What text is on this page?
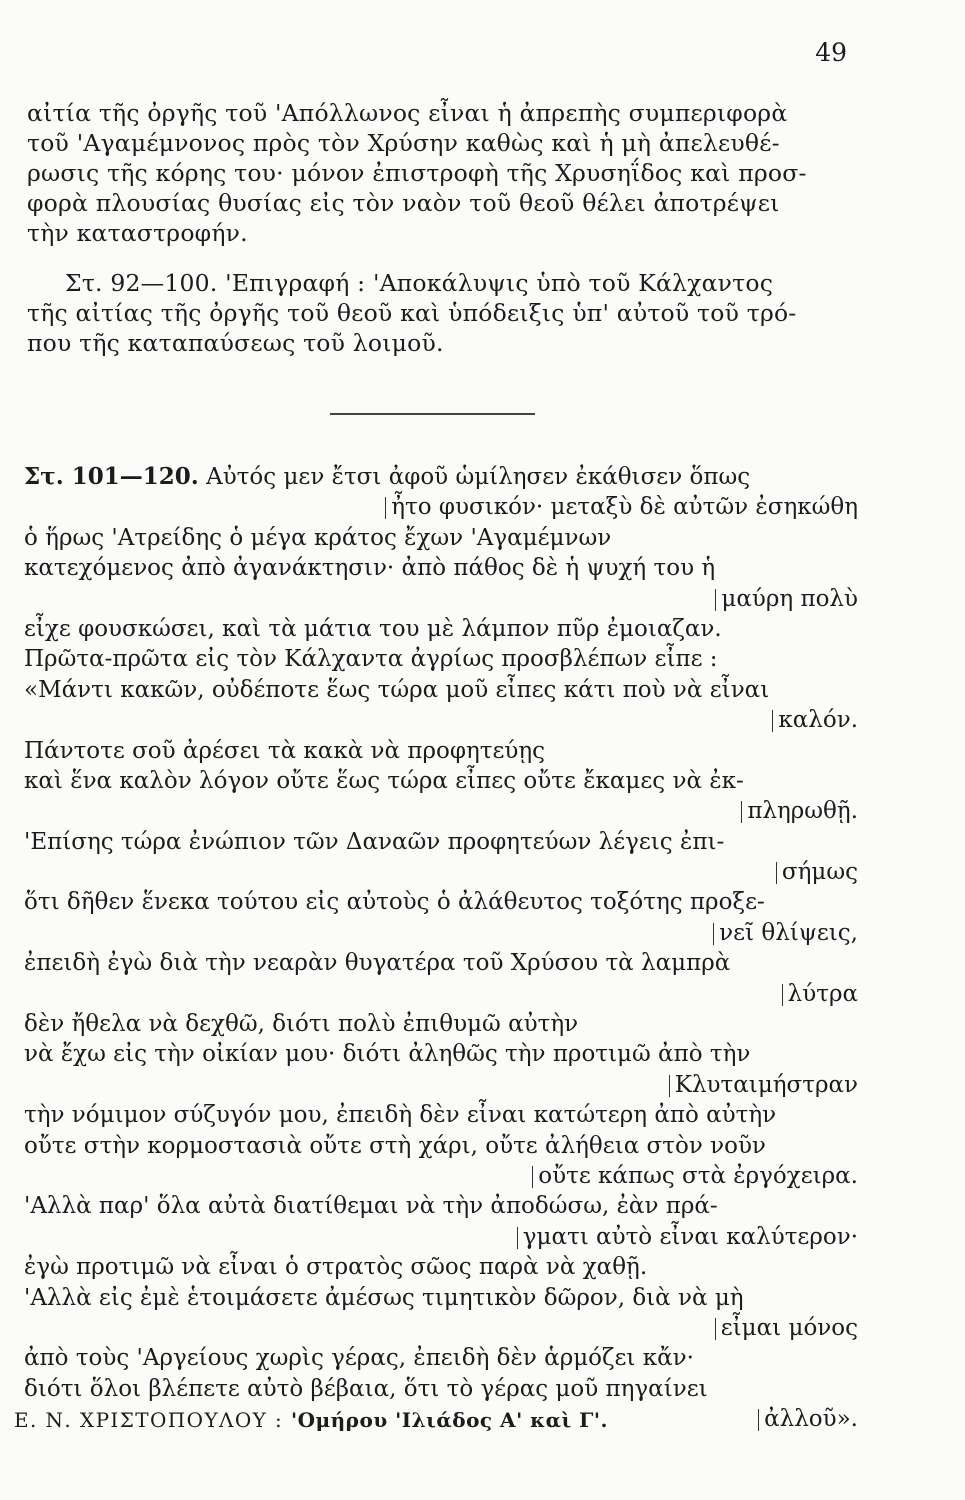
49
αἰτία τῆς ὀργῆς τοῦ 'Απόλλωνος εἶναι ἡ ἀπρεπὴς συμπεριφορὰ
τοῦ 'Αγαμέμνονος πρὸς τὸν Χρύσην καθὼς καὶ ἡ μὴ ἀπελευθέ-
ρωσις τῆς κόρης του· μόνον ἐπιστροφὴ τῆς Χρυσηΐδος καὶ προσ-
φορὰ πλουσίας θυσίας εἰς τὸν ναὸν τοῦ θεοῦ θέλει ἀποτρέψει
τὴν καταστροφήν.
Στ. 92—100. 'Επιγραφή : 'Αποκάλυψις ὑπὸ τοῦ Κάλχαντος
τῆς αἰτίας τῆς ὀργῆς τοῦ θεοῦ καὶ ὑπόδειξις ὑπ' αὐτοῦ τοῦ τρό-
που τῆς καταπαύσεως τοῦ λοιμοῦ.
Στ. 101—120. Αὐτός μεν ἔτσι ἀφοῦ ὡμίλησεν ἐκάθισεν ὅπως
ἦτο φυσικόν· μεταξὺ δὲ αὐτῶν ἐσηκώθη
ὁ ἥρως 'Ατρείδης ὁ μέγα κράτος ἔχων 'Αγαμέμνων
κατεχόμενος ἀπὸ ἀγανάκτησιν· ἀπὸ πάθος δὲ ἡ ψυχή του ἡ
μαύρη πολὺ
εἶχε φουσκώσει, καὶ τὰ μάτια του μὲ λάμπον πῦρ ἐμοιαζαν.
Πρῶτα-πρῶτα εἰς τὸν Κάλχαντα ἀγρίως προσβλέπων εἶπε :
«Μάντι κακῶν, οὐδέποτε ἕως τώρα μοῦ εἶπες κάτι ποὺ νὰ εἶναι
καλόν.
Πάντοτε σοῦ ἀρέσει τὰ κακὰ νὰ προφητεύῃς
καὶ ἕνα καλὸν λόγον οὔτε ἕως τώρα εἶπες οὔτε ἔκαμες νὰ ἐκ-
πληρωθῇ.
'Επίσης τώρα ἐνώπιον τῶν Δαναῶν προφητεύων λέγεις ἐπι-
σήμως
ὅτι δῆθεν ἕνεκα τούτου εἰς αὐτοὺς ὁ ἀλάθευτος τοξότης προξε-
νεῖ θλίψεις,
ἐπειδὴ ἐγὼ διὰ τὴν νεαρὰν θυγατέρα τοῦ Χρύσου τὰ λαμπρὰ
λύτρα
δὲν ἤθελα νὰ δεχθῶ, διότι πολὺ ἐπιθυμῶ αὐτὴν
νὰ ἔχω εἰς τὴν οἰκίαν μου· διότι ἀληθῶς τὴν προτιμῶ ἀπὸ τὴν
Κλυταιμήστραν
τὴν νόμιμον σύζυγόν μου, ἐπειδὴ δὲν εἶναι κατώτερη ἀπὸ αὐτὴν
οὔτε στὴν κορμοστασιὰ οὔτε στὴ χάρι, οὔτε ἀλήθεια στὸν νοῦν
οὔτε κάπως στὰ ἐργόχειρα.
'Αλλὰ παρ' ὅλα αὐτὰ διατίθεμαι νὰ τὴν ἀποδώσω, ἐὰν πρά-
γματι αὐτὸ εἶναι καλύτερον·
ἐγὼ προτιμῶ νὰ εἶναι ὁ στρατὸς σῶος παρὰ νὰ χαθῇ.
'Αλλὰ εἰς ἐμὲ ἑτοιμάσετε ἀμέσως τιμητικὸν δῶρον, διὰ νὰ μὴ
εἶμαι μόνος
ἀπὸ τοὺς 'Αργείους χωρὶς γέρας, ἐπειδὴ δὲν ἁρμόζει κἄν·
διότι ὅλοι βλέπετε αὐτὸ βέβαια, ὅτι τὸ γέρας μοῦ πηγαίνει
ἀλλοῦ».
Ε. Ν. ΧΡΙΣΤΟΠΟΥΛΟΥ : 'Ομήρου 'Ιλιάδος Α' καὶ Γ'.
